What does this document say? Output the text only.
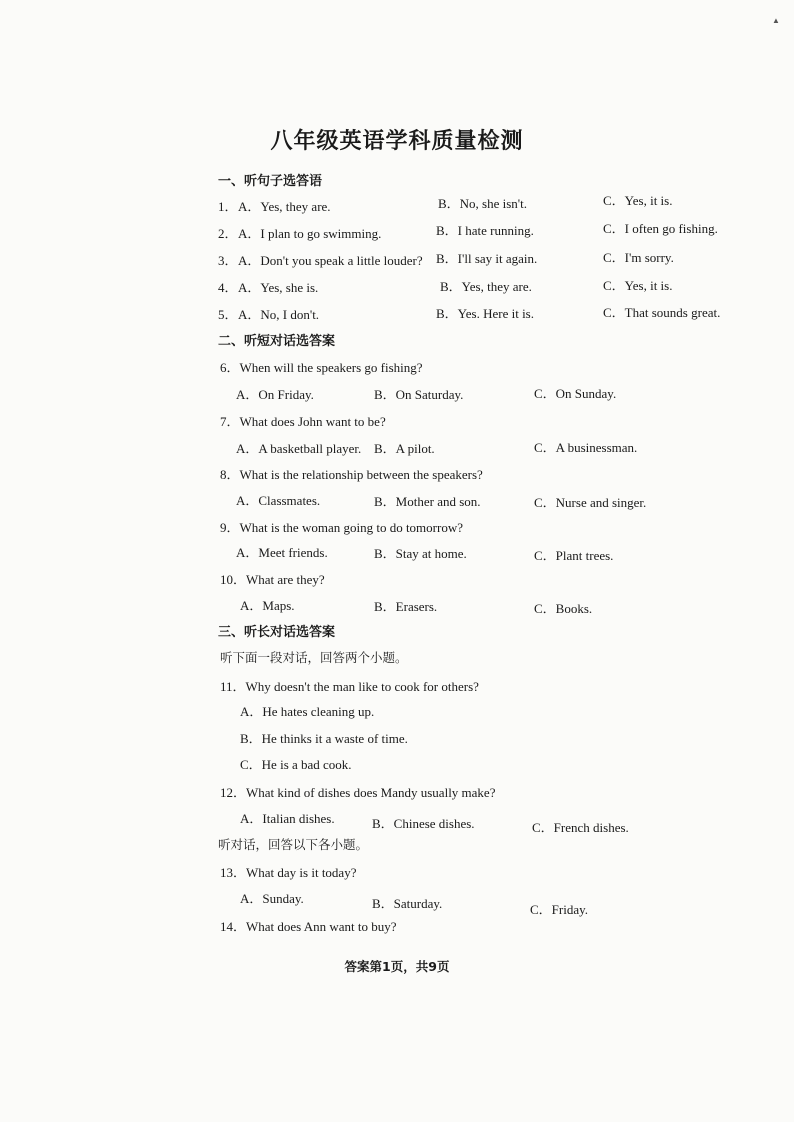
▲
八年级英语学科质量检测
一、听句子选答语
1． A．Yes, they are.	B．No, she isn't.	C．Yes, it is.
2． A．I plan to go swimming.	B．I hate running.	C．I often go fishing.
3． A．Don't you speak a little louder? B．I'll say it again.	C．I'm sorry.
4． A．Yes, she is.	B．Yes, they are.	C．Yes, it is.
5． A．No, I don't.	B．Yes. Here it is.	C．That sounds great.
二、听短对话选答案
6．When will the speakers go fishing?
A．On Friday.	B．On Saturday.	C．On Sunday.
7．What does John want to be?
A．A basketball player. B．A pilot.	C．A businessman.
8．What is the relationship between the speakers?
A．Classmates.	B．Mother and son.	C．Nurse and singer.
9．What is the woman going to do tomorrow?
A．Meet friends.	B．Stay at home.	C．Plant trees.
10．What are they?
A．Maps.	B．Erasers.	C．Books.
三、听长对话选答案
听下面一段对话，回答两个小题。
11．Why doesn't the man like to cook for others?
A．He hates cleaning up.
B．He thinks it a waste of time.
C．He is a bad cook.
12．What kind of dishes does Mandy usually make?
A．Italian dishes.	B．Chinese dishes.	C．French dishes.
听对话，回答以下各小题。
13．What day is it today?
A．Sunday.	B．Saturday.	C．Friday.
14．What does Ann want to buy?
答案第1页，共9页
